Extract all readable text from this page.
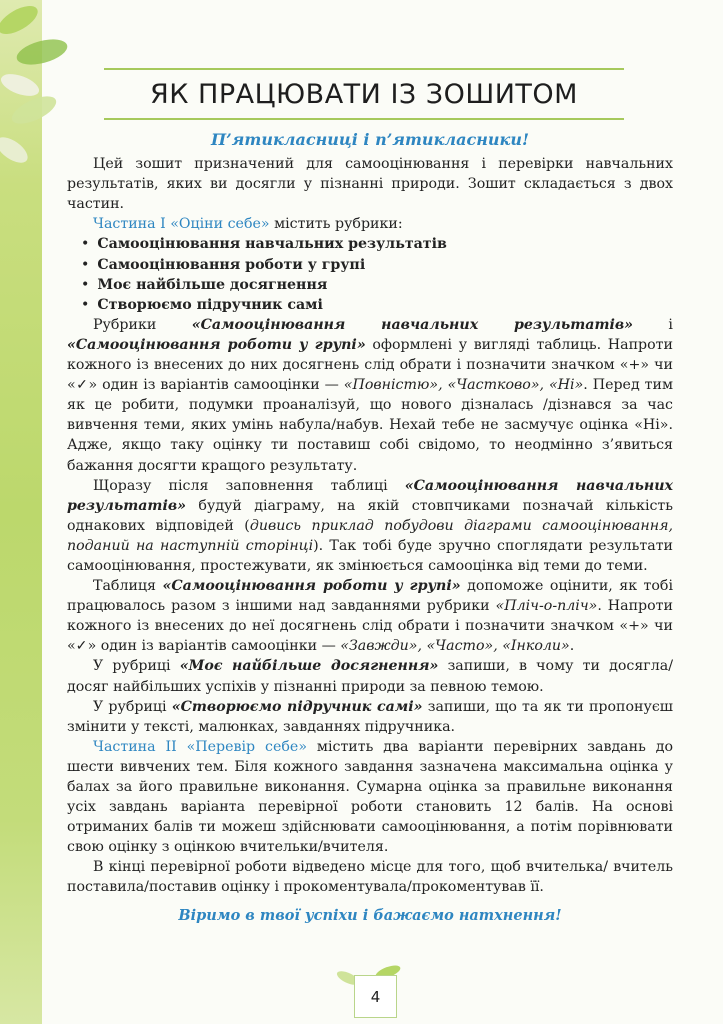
ЯК ПРАЦЮВАТИ ІЗ ЗОШИТОМ
П’ятикласниці і п’ятикласники!

Цей зошит призначений для самооцінювання і перевірки навчальних результатів, яких ви досягли у пізнанні природи. Зошит складається з двох частин.

Частина І «Оціни себе» містить рубрики:

• Самооцінювання навчальних результатів
• Самооцінювання роботи у групі
• Моє найбільше досягнення
• Створюємо підручник самі

Рубрики «Самооцінювання навчальних результатів» і «Самооцінювання роботи у групі» оформлені у вигляді таблиць. Напроти кожного із внесених до них досягнень слід обрати і позначити значком «+» чи «✓» один із варіантів самооцінки — «Повністю», «Частково», «Ні». Перед тим як це робити, подумки проаналізуй, що нового дізналась /дізнався за час вивчення теми, яких умінь набула/набув. Нехай тебе не засмучує оцінка «Ні». Адже, якщо таку оцінку ти поставиш собі свідомо, то неодмінно з’явиться бажання досягти кращого результату.

Щоразу після заповнення таблиці «Самооцінювання навчальних результатів» будуй діаграму, на якій стовпчиками позначай кількість однакових відповідей (дивись приклад побудови діаграми самооцінювання, поданий на наступній сторінці). Так тобі буде зручно споглядати результати самооцінювання, простежувати, як змінюється самооцінка від теми до теми.

Таблиця «Самооцінювання роботи у групі» допоможе оцінити, як тобі працювалось разом з іншими над завданнями рубрики «Пліч-о-пліч». Напроти кожного із внесених до неї досягнень слід обрати і позначити значком «+» чи «✓» один із варіантів самооцінки — «Завжди», «Часто», «Інколи».

У рубриці «Моє найбільше досягнення» запиши, в чому ти досягла/ досяг найбільших успіхів у пізнанні природи за певною темою.

У рубриці «Створюємо підручник самі» запиши, що та як ти пропонуєш змінити у тексті, малюнках, завданнях підручника.

Частина ІІ «Перевір себе» містить два варіанти перевірних завдань до шести вивчених тем. Біля кожного завдання зазначена максимальна оцінка у балах за його правильне виконання. Сумарна оцінка за правильне виконання усіх завдань варіанта перевірної роботи становить 12 балів. На основі отриманих балів ти можеш здійснювати самооцінювання, а потім порівнювати свою оцінку з оцінкою вчительки/вчителя.

В кінці перевірної роботи відведено місце для того, щоб вчителька/ вчитель поставила/поставив оцінку і прокоментувала/прокоментував її.

Віримо в твої успіхи і бажаємо натхнення!
4
